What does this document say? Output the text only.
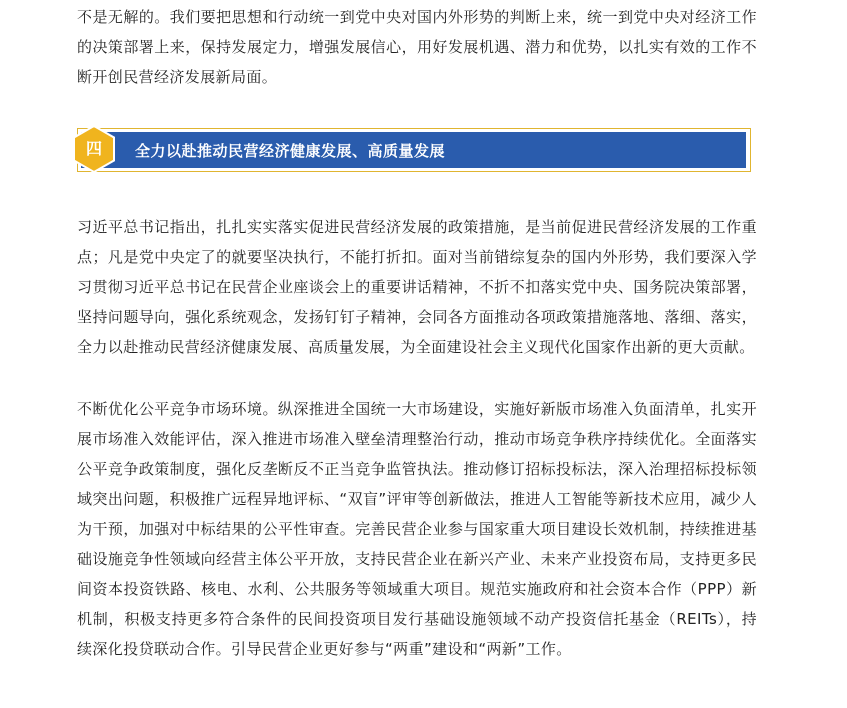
不是无解的。我们要把思想和行动统一到党中央对国内外形势的判断上来，统一到党中央对经济工作的决策部署上来，保持发展定力，增强发展信心，用好发展机遇、潜力和优势，以扎实有效的工作不断开创民营经济发展新局面。

全力以赴推动民营经济健康发展、高质量发展
四

习近平总书记指出，扎扎实实落实促进民营经济发展的政策措施，是当前促进民营经济发展的工作重点；凡是党中央定了的就要坚决执行，不能打折扣。面对当前错综复杂的国内外形势，我们要深入学习贯彻习近平总书记在民营企业座谈会上的重要讲话精神，不折不扣落实党中央、国务院决策部署，坚持问题导向，强化系统观念，发扬钉钉子精神，会同各方面推动各项政策措施落地、落细、落实，全力以赴推动民营经济健康发展、高质量发展，为全面建设社会主义现代化国家作出新的更大贡献。

不断优化公平竞争市场环境。纵深推进全国统一大市场建设，实施好新版市场准入负面清单，扎实开展市场准入效能评估，深入推进市场准入壁垒清理整治行动，推动市场竞争秩序持续优化。全面落实公平竞争政策制度，强化反垄断反不正当竞争监管执法。推动修订招标投标法，深入治理招标投标领域突出问题，积极推广远程异地评标、“双盲”评审等创新做法，推进人工智能等新技术应用，减少人为干预，加强对中标结果的公平性审查。完善民营企业参与国家重大项目建设长效机制，持续推进基础设施竞争性领域向经营主体公平开放，支持民营企业在新兴产业、未来产业投资布局，支持更多民间资本投资铁路、核电、水利、公共服务等领域重大项目。规范实施政府和社会资本合作（PPP）新机制，积极支持更多符合条件的民间投资项目发行基础设施领域不动产投资信托基金（REITs），持续深化投贷联动合作。引导民营企业更好参与“两重”建设和“两新”工作。
